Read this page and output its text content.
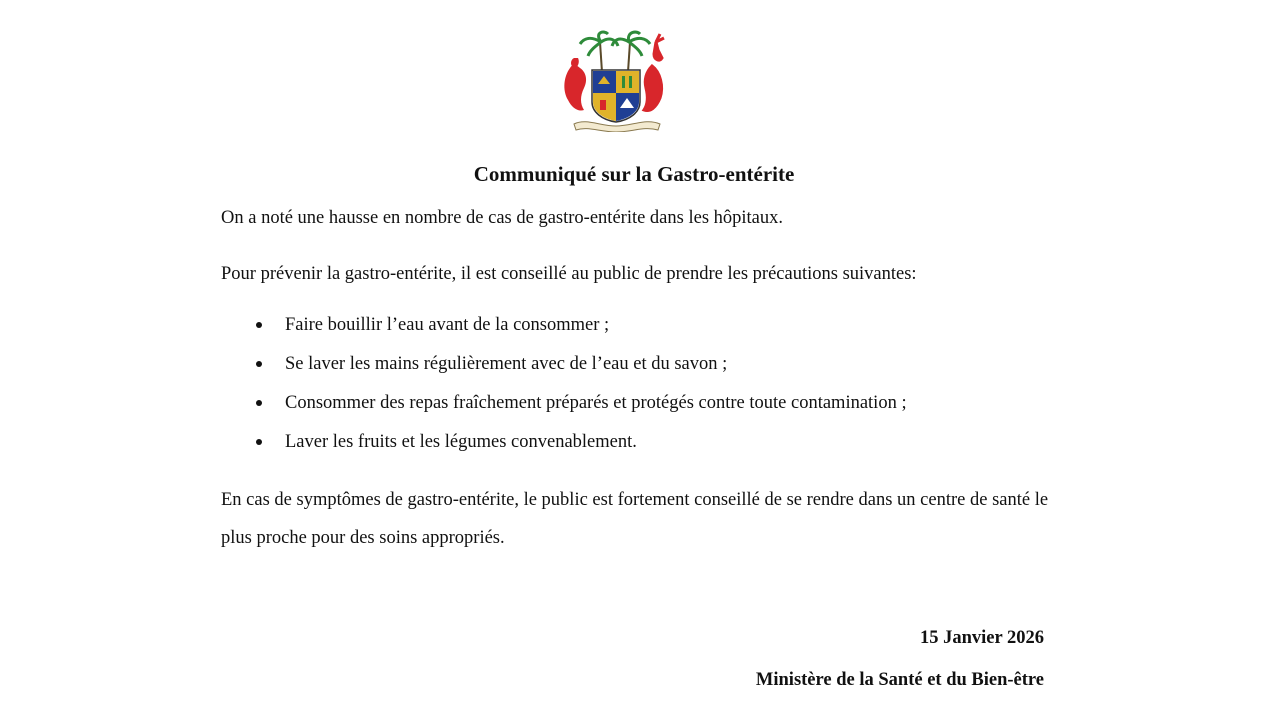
Communiqué sur la Gastro-entérite

On a noté une hausse en nombre de cas de gastro-entérite dans les hôpitaux.

Pour prévenir la gastro-entérite, il est conseillé au public de prendre les précautions suivantes:

Faire bouillir l’eau avant de la consommer ;
Se laver les mains régulièrement avec de l’eau et du savon ;
Consommer des repas fraîchement préparés et protégés contre toute contamination ;
Laver les fruits et les légumes convenablement.

En cas de symptômes de gastro-entérite, le public est fortement conseillé de se rendre dans un centre de santé le plus proche pour des soins appropriés.

15 Janvier 2026
Ministère de la Santé et du Bien-être
